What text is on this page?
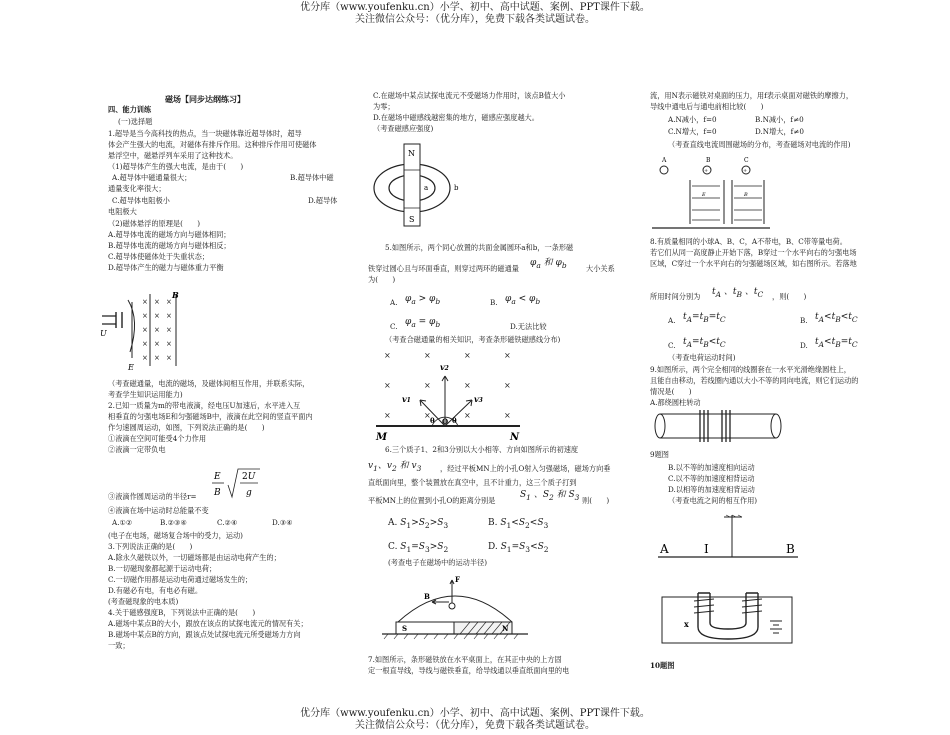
优分库（www.youfenku.cn）小学、初中、高中试题、案例、PPT课件下载。
关注微信公众号：（优分库），免费下载各类试题试卷。
磁场【同步达纲练习】
四、能力训练
(一)选择题

1.超导是当今高科技的热点，当一块磁体靠近超导体时，超导

体会产生强大的电流，对磁体有排斥作用。这种排斥作用可使磁体

悬浮空中，磁悬浮列车采用了这种技术。

（1)超导体产生的强大电流，是由于(　　)

A.超导体中磁通量很大；	B.超导体中磁
通量变化率很大；
C.超导体电阻极小	D.超导体
电阻极大

（2)磁体悬浮的原理是(　　)

A.超导体电流的磁场方向与磁体相同；

B.超导体电流的磁场方向与磁体相反；

C.超导体使磁体处于失重状态；

D.超导体产生的磁力与磁体重力平衡

U
× × ×
× × ×
× × ×
× × ×
× × ×
B
E

（考查磁通量，电流的磁场，及磁体间相互作用，并联系实际，

考查学生知识运用能力)

2.已知一质量为m的带电液滴，经电压U加速后，水平进入互

相垂直的匀强电场E和匀强磁场B中，液滴在此空间的竖直平面内

作匀速圆周运动，如图，下列说法正确的是(　　)

①液滴在空间可能受4个力作用

②液滴一定带负电

③液滴作圆周运动的半径r=
E
B
2U
g

④液滴在场中运动时总能量不变

A.①②	B.②③④	C.②④	D.③④

(电子在电场，磁场复合场中的受力，运动)

3.下列说法正确的是(　　)

A.除永久磁铁以外，一切磁场都是由运动电荷产生的；

B.一切磁现象都起源于运动电荷；

C.一切磁作用都是运动电荷通过磁场发生的；

D.有磁必有电，有电必有磁。

(考查磁现象的电本质)

4.关于磁感强度B，下列说法中正确的是(　　)

A.磁场中某点B的大小，跟放在该点的试探电流元的情况有关；

B.磁场中某点B的方向，跟该点处试探电流元所受磁场力方向

一致；

C.在磁场中某点试探电流元不受磁场力作用时，该点B值大小

为零；

D.在磁场中磁感线越密集的地方，磁感应强度越大。

（考查磁感应强度)

N
S
a	b
5.如图所示，两个同心放置的共面金属圆环a和b，一条形磁
铁穿过圆心且与环面垂直，则穿过两环的磁通量
$\varphi_a$ 和 $\varphi_b$	大小关系
为(　　)
A. $\varphi_a > \varphi_b$	B. $\varphi_a < \varphi_b$
C. $\varphi_a = \varphi_b$	D.无法比较
（考查合磁通量的相关知识，考查条形磁铁磁感线分布)
×	×	×	×
×	×	×	×
×	×	×	×
v1
v2
v3
θ θ
O
M	N
6.三个质子1、2和3分别以大小相等、方向如图所示的初速度
$v_1$、$v_2$ 和 $v_3$	，经过平板MN上的小孔O射入匀强磁场，磁场方向垂
直纸面向里，整个装置放在真空中，且不计重力，这三个质子打到
平板MN上的位置到小孔O的距离分别是
$S_1$ 、$S_2$ 和 $S_3$ 则(　　)
A. $S_1>S_2>S_3$	B. $S_1<S_2<S_3$
C. $S_1=S_3>S_2$	D. $S_1=S_3<S_2$
(考查电子在磁场中的运动半径)
F
B
S	N

7.如图所示，条形磁铁放在水平桌面上，在其正中央的上方固

定一根直导线，导线与磁铁垂直，给导线通以垂直纸面向里的电

流，用N表示磁铁对桌面的压力，用f表示桌面对磁铁的摩擦力，

导线中通电后与通电前相比较(　　)

A.N减小，f=0	B.N减小，f≠0
C.N增大，f=0	D.N增大，f≠0
（考查直线电流周围磁场的分布，考查磁场对电流的作用)
A	B	C
+	+
E	B

8.有质量相同的小球A、B、C，A不带电，B、C带等量电荷。

若它们从同一高度静止开始下落，B穿过一个水平向右的匀强电场

区域，C穿过一个水平向右的匀强磁场区域，如右图所示。若落地

所用时间分别为 $t_A$ 、$t_B$ 、$t_C$ ，则(　　)
A. $t_A=t_B=t_C$	B. $t_A<t_B<t_C$
C. $t_A=t_B<t_C$	D. $t_A<t_B=t_C$
（考查电荷运动时间)

9.如图所示，两个完全相同的线圈套在一水平光滑绝缘圆柱上，

且能自由移动，若线圈内通以大小不等的同向电流，则它们运动的

情况是(　　)

A.都绕圆柱转动

9题图

B.以不等的加速度相向运动

C.以不等的加速度相背运动

D.以相等的加速度相背运动

（考查电流之间的相互作用)

A	I	B
x
10题图
优分库（www.youfenku.cn）小学、初中、高中试题、案例、PPT课件下载。
关注微信公众号：（优分库），免费下载各类试题试卷。
